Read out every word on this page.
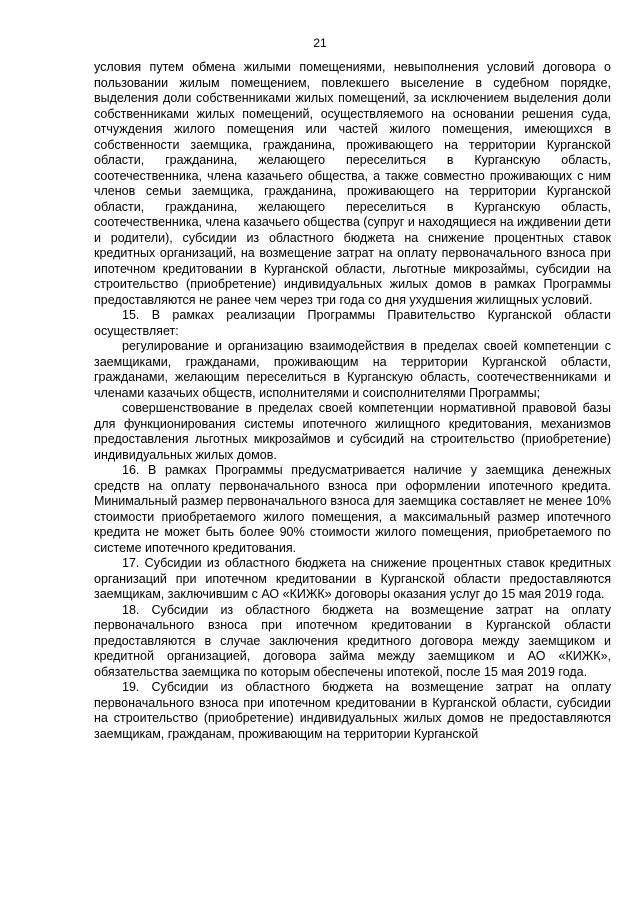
21

условия путем обмена жилыми помещениями, невыполнения условий договора о пользовании жилым помещением, повлекшего выселение в судебном порядке, выделения доли собственниками жилых помещений, за исключением выделения доли собственниками жилых помещений, осуществляемого на основании решения суда, отчуждения жилого помещения или частей жилого помещения, имеющихся в собственности заемщика, гражданина, проживающего на территории Курганской области, гражданина, желающего переселиться в Курганскую область, соотечественника, члена казачьего общества, а также совместно проживающих с ним членов семьи заемщика, гражданина, проживающего на территории Курганской области, гражданина, желающего переселиться в Курганскую область, соотечественника, члена казачьего общества (супруг и находящиеся на иждивении дети и родители), субсидии из областного бюджета на снижение процентных ставок кредитных организаций, на возмещение затрат на оплату первоначального взноса при ипотечном кредитовании в Курганской области, льготные микрозаймы, субсидии на строительство (приобретение) индивидуальных жилых домов в рамках Программы предоставляются не ранее чем через три года со дня ухудшения жилищных условий.

15. В рамках реализации Программы Правительство Курганской области осуществляет:

регулирование и организацию взаимодействия в пределах своей компетенции с заемщиками, гражданами, проживающим на территории Курганской области, гражданами, желающим переселиться в Курганскую область, соотечественниками и членами казачьих обществ, исполнителями и соисполнителями Программы;

совершенствование в пределах своей компетенции нормативной правовой базы для функционирования системы ипотечного жилищного кредитования, механизмов предоставления льготных микрозаймов и субсидий на строительство (приобретение) индивидуальных жилых домов.

16. В рамках Программы предусматривается наличие у заемщика денежных средств на оплату первоначального взноса при оформлении ипотечного кредита. Минимальный размер первоначального взноса для заемщика составляет не менее 10% стоимости приобретаемого жилого помещения, а максимальный размер ипотечного кредита не может быть более 90% стоимости жилого помещения, приобретаемого по системе ипотечного кредитования.

17. Субсидии из областного бюджета на снижение процентных ставок кредитных организаций при ипотечном кредитовании в Курганской области предоставляются заемщикам, заключившим с АО «КИЖК» договоры оказания услуг до 15 мая 2019 года.

18. Субсидии из областного бюджета на возмещение затрат на оплату первоначального взноса при ипотечном кредитовании в Курганской области предоставляются в случае заключения кредитного договора между заемщиком и кредитной организацией, договора займа между заемщиком и АО «КИЖК», обязательства заемщика по которым обеспечены ипотекой, после 15 мая 2019 года.

19. Субсидии из областного бюджета на возмещение затрат на оплату первоначального взноса при ипотечном кредитовании в Курганской области, субсидии на строительство (приобретение) индивидуальных жилых домов не предоставляются заемщикам, гражданам, проживающим на территории Курганской
